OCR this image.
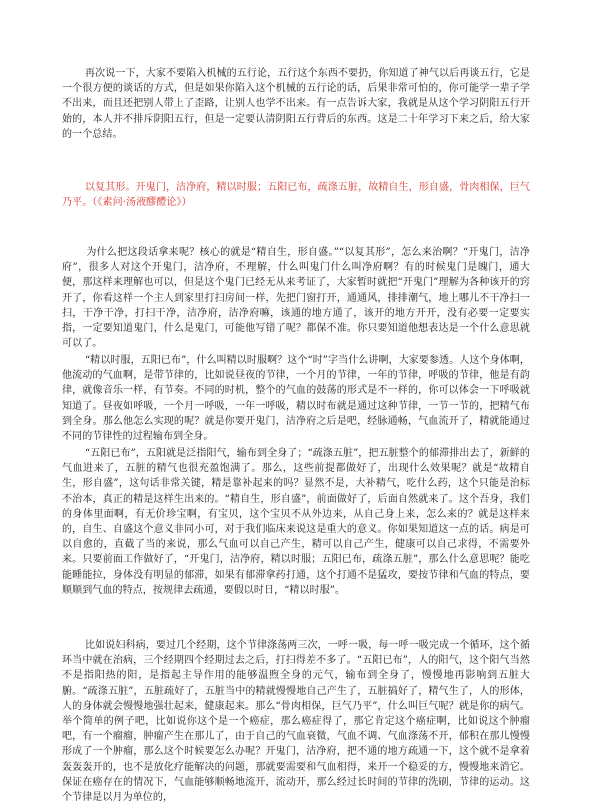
再次说一下，大家不要陷入机械的五行论，五行这个东西不要扔，你知道了神气以后再谈五行，它是一个很方便的谈话的方式，但是如果你陷入这个机械的五行论的话，后果非常可怕的，你可能学一辈子学不出来，而且还把别人带上了歪路，让别人也学不出来。有一点告诉大家，我就是从这个学习阴阳五行开始的，本人并不排斥阴阳五行，但是一定要认清阴阳五行背后的东西。这是二十年学习下来之后，给大家的一个总结。

以复其形。开鬼门，洁净府，精以时服；五阳已布，疏涤五脏，故精自生，形自盛，骨肉相保，巨气乃平。（《素问·汤液醪醴论》）

为什么把这段话拿来呢？核心的就是“精自生，形自盛。”“以复其形”，怎么来治啊？“开鬼门，洁净府”，很多人对这个开鬼门，洁净府，不理解，什么叫鬼门什么叫净府啊？有的时候鬼门是魄门，通大便，那这样来理解也可以，但是这个鬼门已经无从来考证了，大家暂时就把“开鬼门”理解为各种该开的窍开了，你看这样一个主人到家里打扫房间一样，先把门窗打开，通通风，排排潮气，地上哪儿不干净扫一扫，干净干净，打扫干净，洁净府，洁净府嘛，该通的地方通了，该开的地方开开，没有必要一定要实指，一定要知道鬼门，什么是鬼门，可能他写错了呢？都保不准。你只要知道他想表达是一个什么意思就可以了。

“精以时服，五阳已布”，什么叫精以时服啊？这个“时”字当什么讲啊，大家要参透。人这个身体啊，他流动的气血啊，是带节律的，比如说昼夜的节律，一个月的节律，一年的节律，呼吸的节律，他是有韵律，就像音乐一样，有节奏。不同的时机，整个的气血的鼓荡的形式是不一样的，你可以体会一下呼吸就知道了。昼夜如呼吸，一个月一呼吸，一年一呼吸，精以时布就是通过这种节律，一节一节的，把精气布到全身。那么他怎么实现的呢？就是你要开鬼门，洁净府之后是吧，经脉通畅，气血流开了，精就能通过不同的节律性的过程输布到全身。

“五阳已布”，五阳就是泛指阳气，输布到全身了；“疏涤五脏”，把五脏整个的郁滞排出去了，新鲜的气血进来了，五脏的精气也很充盈饱满了。那么，这些前提都做好了，出现什么效果呢？就是“故精自生，形自盛”，这句话非常关键，精是靠补起来的吗？显然不是，大补精气，吃什么药，这个只能是治标不治本，真正的精是这样生出来的。“精自生，形自盛”，前面做好了，后面自然就来了。这个吾身，我们的身体里面啊，有无价珍宝啊，有宝贝，这个宝贝不从外边来，从自己身上来，怎么来的？就是这样来的，自生、自盛这个意义非同小可，对于我们临床来说这是重大的意义。你如果知道这一点的话。病是可以自愈的，直截了当的来说，那么气血可以自己产生，精可以自己产生，健康可以自己求得，不需要外来。只要前面工作做好了，“开鬼门，洁净府，精以时服；五阳已布，疏涤五脏”，那么什么意思呢？能吃能睡能拉，身体没有明显的郁滞，如果有郁滞拿药打通，这个打通不是猛攻，要按节律和气血的特点，要顺顺到气血的特点，按规律去疏通，要假以时日，“精以时服”。

比如说妇科病，要过几个经期，这个节律涤荡两三次，一呼一吸，每一呼一吸完成一个循环，这个循环当中就在治病，三个经期四个经期过去之后，打扫得差不多了。“五阳已布”，人的阳气，这个阳气当然不是指阳热的阳，是指起主导作用的能够温煦全身的元气，输布到全身了，慢慢地再影响到五脏大腑。“疏涤五脏”，五脏疏好了，五脏当中的精就慢慢地自己产生了，五脏搞好了，精气生了，人的形体，人的身体就会慢慢地强壮起来，健康起来。那么“骨肉相保，巨气乃平”，什么叫巨气呢？就是你的病气。举个简单的例子吧，比如说你这个是一个癌症，那么癌症得了，那它肯定这个癌症啊，比如说这个肿瘤吧，有一个瘤瘤，肿瘤产生在那儿了，由于自己的气血衰微，气血不调、气血涤荡不开，郁积在那儿慢慢形成了一个肿瘤，那么这个时候要怎么办呢？开鬼门，洁净府，把不通的地方疏通一下，这个就不是拿着轰轰轰开的，也不是放化疗能解决的问题，那就要需要和气血相得，来开一个稳妥的方，慢慢地来消它。保证在癌存在的情况下，气血能够顺畅地流开，流动开，那么经过长时间的节律的洗刷，节律的运动。这个节律是以月为单位的，
